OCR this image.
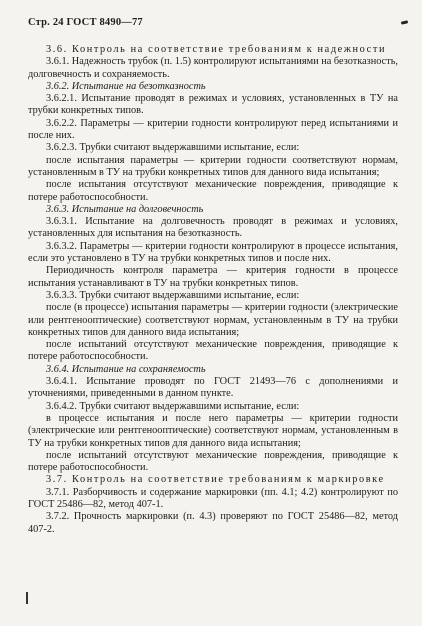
Стр. 24 ГОСТ 8490—77

3.6. Контроль на соответствие требованиям к надежности

3.6.1. Надежность трубок (п. 1.5) контролируют испытаниями на безотказность, долговечность и сохраняемость.

3.6.2. Испытание на безотказность

3.6.2.1. Испытание проводят в режимах и условиях, установленных в ТУ на трубки конкретных типов.

3.6.2.2. Параметры — критерии годности контролируют перед испытаниями и после них.

3.6.2.3. Трубки считают выдержавшими испытание, если:

после испытания параметры — критерии годности соответствуют нормам, установленным в ТУ на трубки конкретных типов для данного вида испытания;

после испытания отсутствуют механические повреждения, приводящие к потере работоспособности.

3.6.3. Испытание на долговечность

3.6.3.1. Испытание на долговечность проводят в режимах и условиях, установленных для испытания на безотказность.

3.6.3.2. Параметры — критерии годности контролируют в процессе испытания, если это установлено в ТУ на трубки конкретных типов и после них.

Периодичность контроля параметра — критерия годности в процессе испытания устанавливают в ТУ на трубки конкретных типов.

3.6.3.3. Трубки считают выдержавшими испытание, если:

после (в процессе) испытания параметры — критерии годности (электрические или рентгенооптические) соответствуют нормам, установленным в ТУ на трубки конкретных типов для данного вида испытания;

после испытаний отсутствуют механические повреждения, приводящие к потере работоспособности.

3.6.4. Испытание на сохраняемость

3.6.4.1. Испытание проводят по ГОСТ 21493—76 с дополнениями и уточнениями, приведенными в данном пункте.

3.6.4.2. Трубки считают выдержавшими испытание, если:

в процессе испытания и после него параметры — критерии годности (электрические или рентгенооптические) соответствуют нормам, установленным в ТУ на трубки конкретных типов для данного вида испытания;

после испытаний отсутствуют механические повреждения, приводящие к потере работоспособности.

3.7. Контроль на соответствие требованиям к маркировке

3.7.1. Разборчивость и содержание маркировки (пп. 4.1; 4.2) контролируют по ГОСТ 25486—82, метод 407-1.

3.7.2. Прочность маркировки (п. 4.3) проверяют по ГОСТ 25486—82, метод 407-2.
